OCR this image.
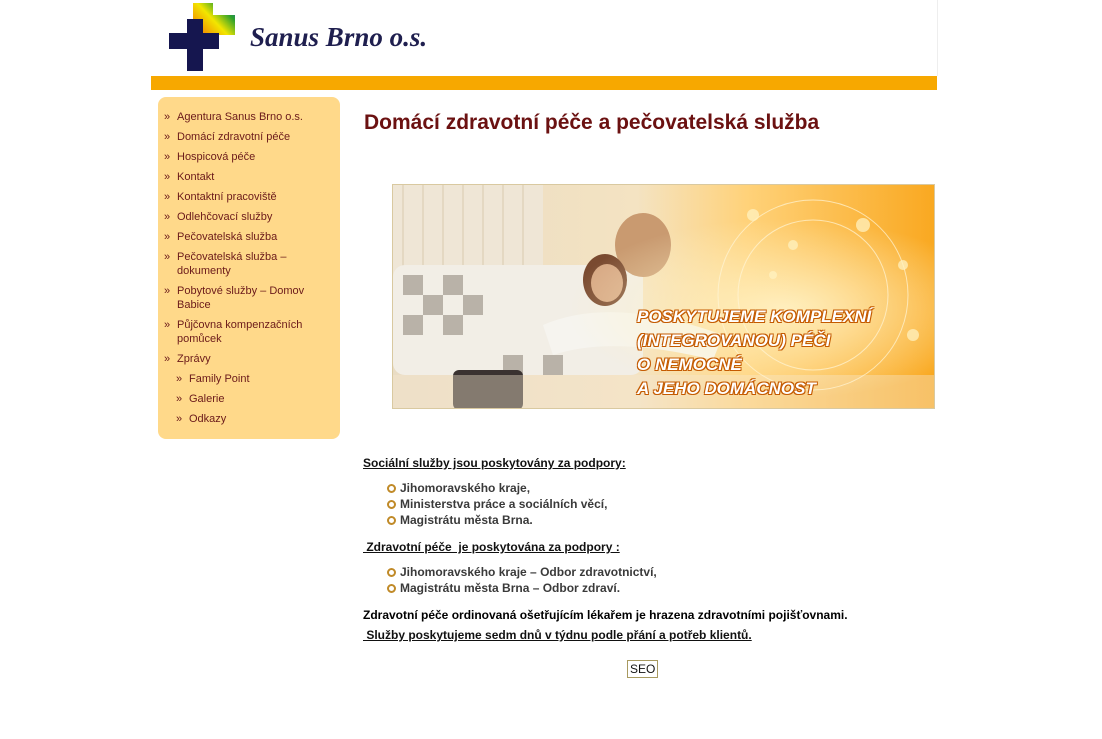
Sanus Brno o.s.
» Agentura Sanus Brno o.s.
» Domácí zdravotní péče
» Hospicová péče
» Kontakt
» Kontaktní pracoviště
» Odlehčovací služby
» Pečovatelská služba
» Pečovatelská služba – dokumenty
» Pobytové služby – Domov Babice
» Půjčovna kompenzačních pomůcek
» Zprávy
» Family Point
» Galerie
» Odkazy
Domácí zdravotní péče a pečovatelská služba
POSKYTUJEME KOMPLEXNÍ
(INTEGROVANOU) PÉČI
O NEMOCNÉ
A JEHO DOMÁCNOST

Sociální služby jsou poskytovány za podpory:

Jihomoravského kraje,
Ministerstva práce a sociálních věcí,
Magistrátu města Brna.

Zdravotní péče  je poskytována za podpory :

Jihomoravského kraje – Odbor zdravotnictví,
Magistrátu města Brna – Odbor zdraví.

Zdravotní péče ordinovaná ošetřujícím lékařem je hrazena zdravotními pojišťovnami.

Služby poskytujeme sedm dnů v týdnu podle přání a potřeb klientů.

SEO
